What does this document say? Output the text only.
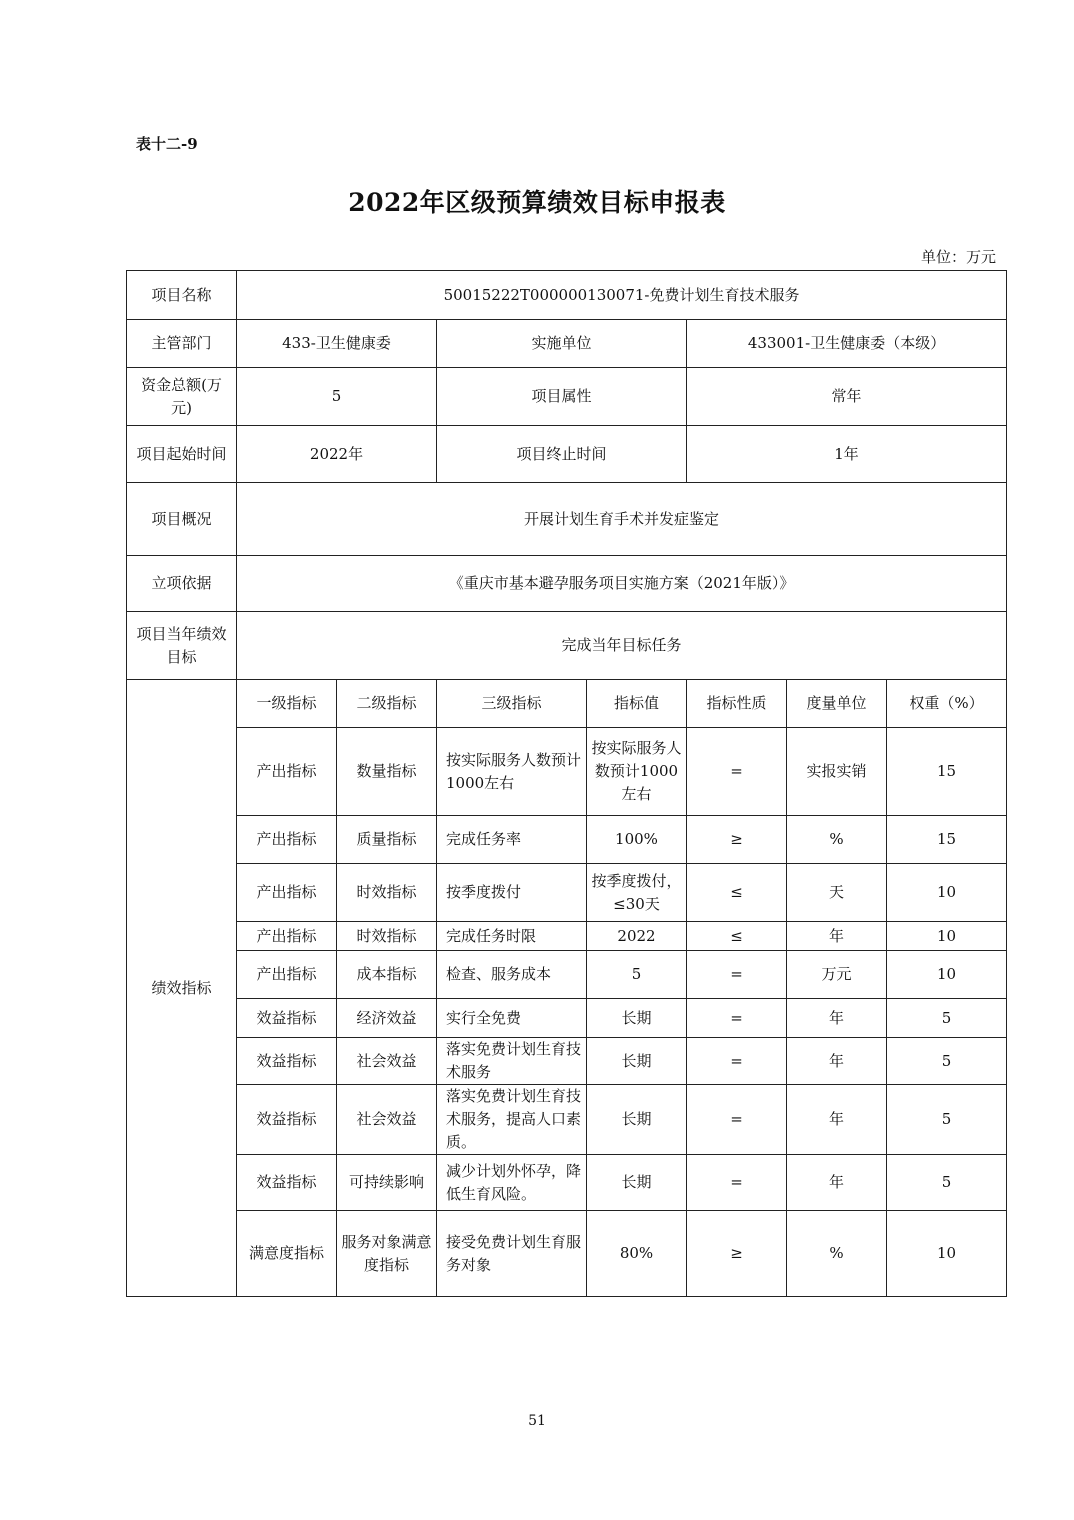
表十二-9
2022年区级预算绩效目标申报表
单位：万元
项目名称	50015222T000000130071-免费计划生育技术服务						
主管部门	433-卫生健康委		实施单位		433001-卫生健康委（本级）		
资金总额(万元)	5		项目属性		常年		
项目起始时间	2022年		项目终止时间		1年		
项目概况	开展计划生育手术并发症鉴定						
立项依据	《重庆市基本避孕服务项目实施方案（2021年版）》						
项目当年绩效目标	完成当年目标任务						
绩效指标	一级指标	二级指标	三级指标	指标值	指标性质	度量单位	权重（%）
	产出指标	数量指标	按实际服务人数预计1000左右	按实际服务人数预计1000左右	=	实报实销	15
	产出指标	质量指标	完成任务率	100%	≥	%	15
	产出指标	时效指标	按季度拨付	按季度拨付，≤30天	≤	天	10
	产出指标	时效指标	完成任务时限	2022	≤	年	10
	产出指标	成本指标	检查、服务成本	5	=	万元	10
	效益指标	经济效益	实行全免费	长期	=	年	5
	效益指标	社会效益	落实免费计划生育技术服务	长期	=	年	5
	效益指标	社会效益	落实免费计划生育技术服务，提高人口素质。	长期	=	年	5
	效益指标	可持续影响	减少计划外怀孕，降低生育风险。	长期	=	年	5
	满意度指标	服务对象满意度指标	接受免费计划生育服务对象	80%	≥	%	10
51
